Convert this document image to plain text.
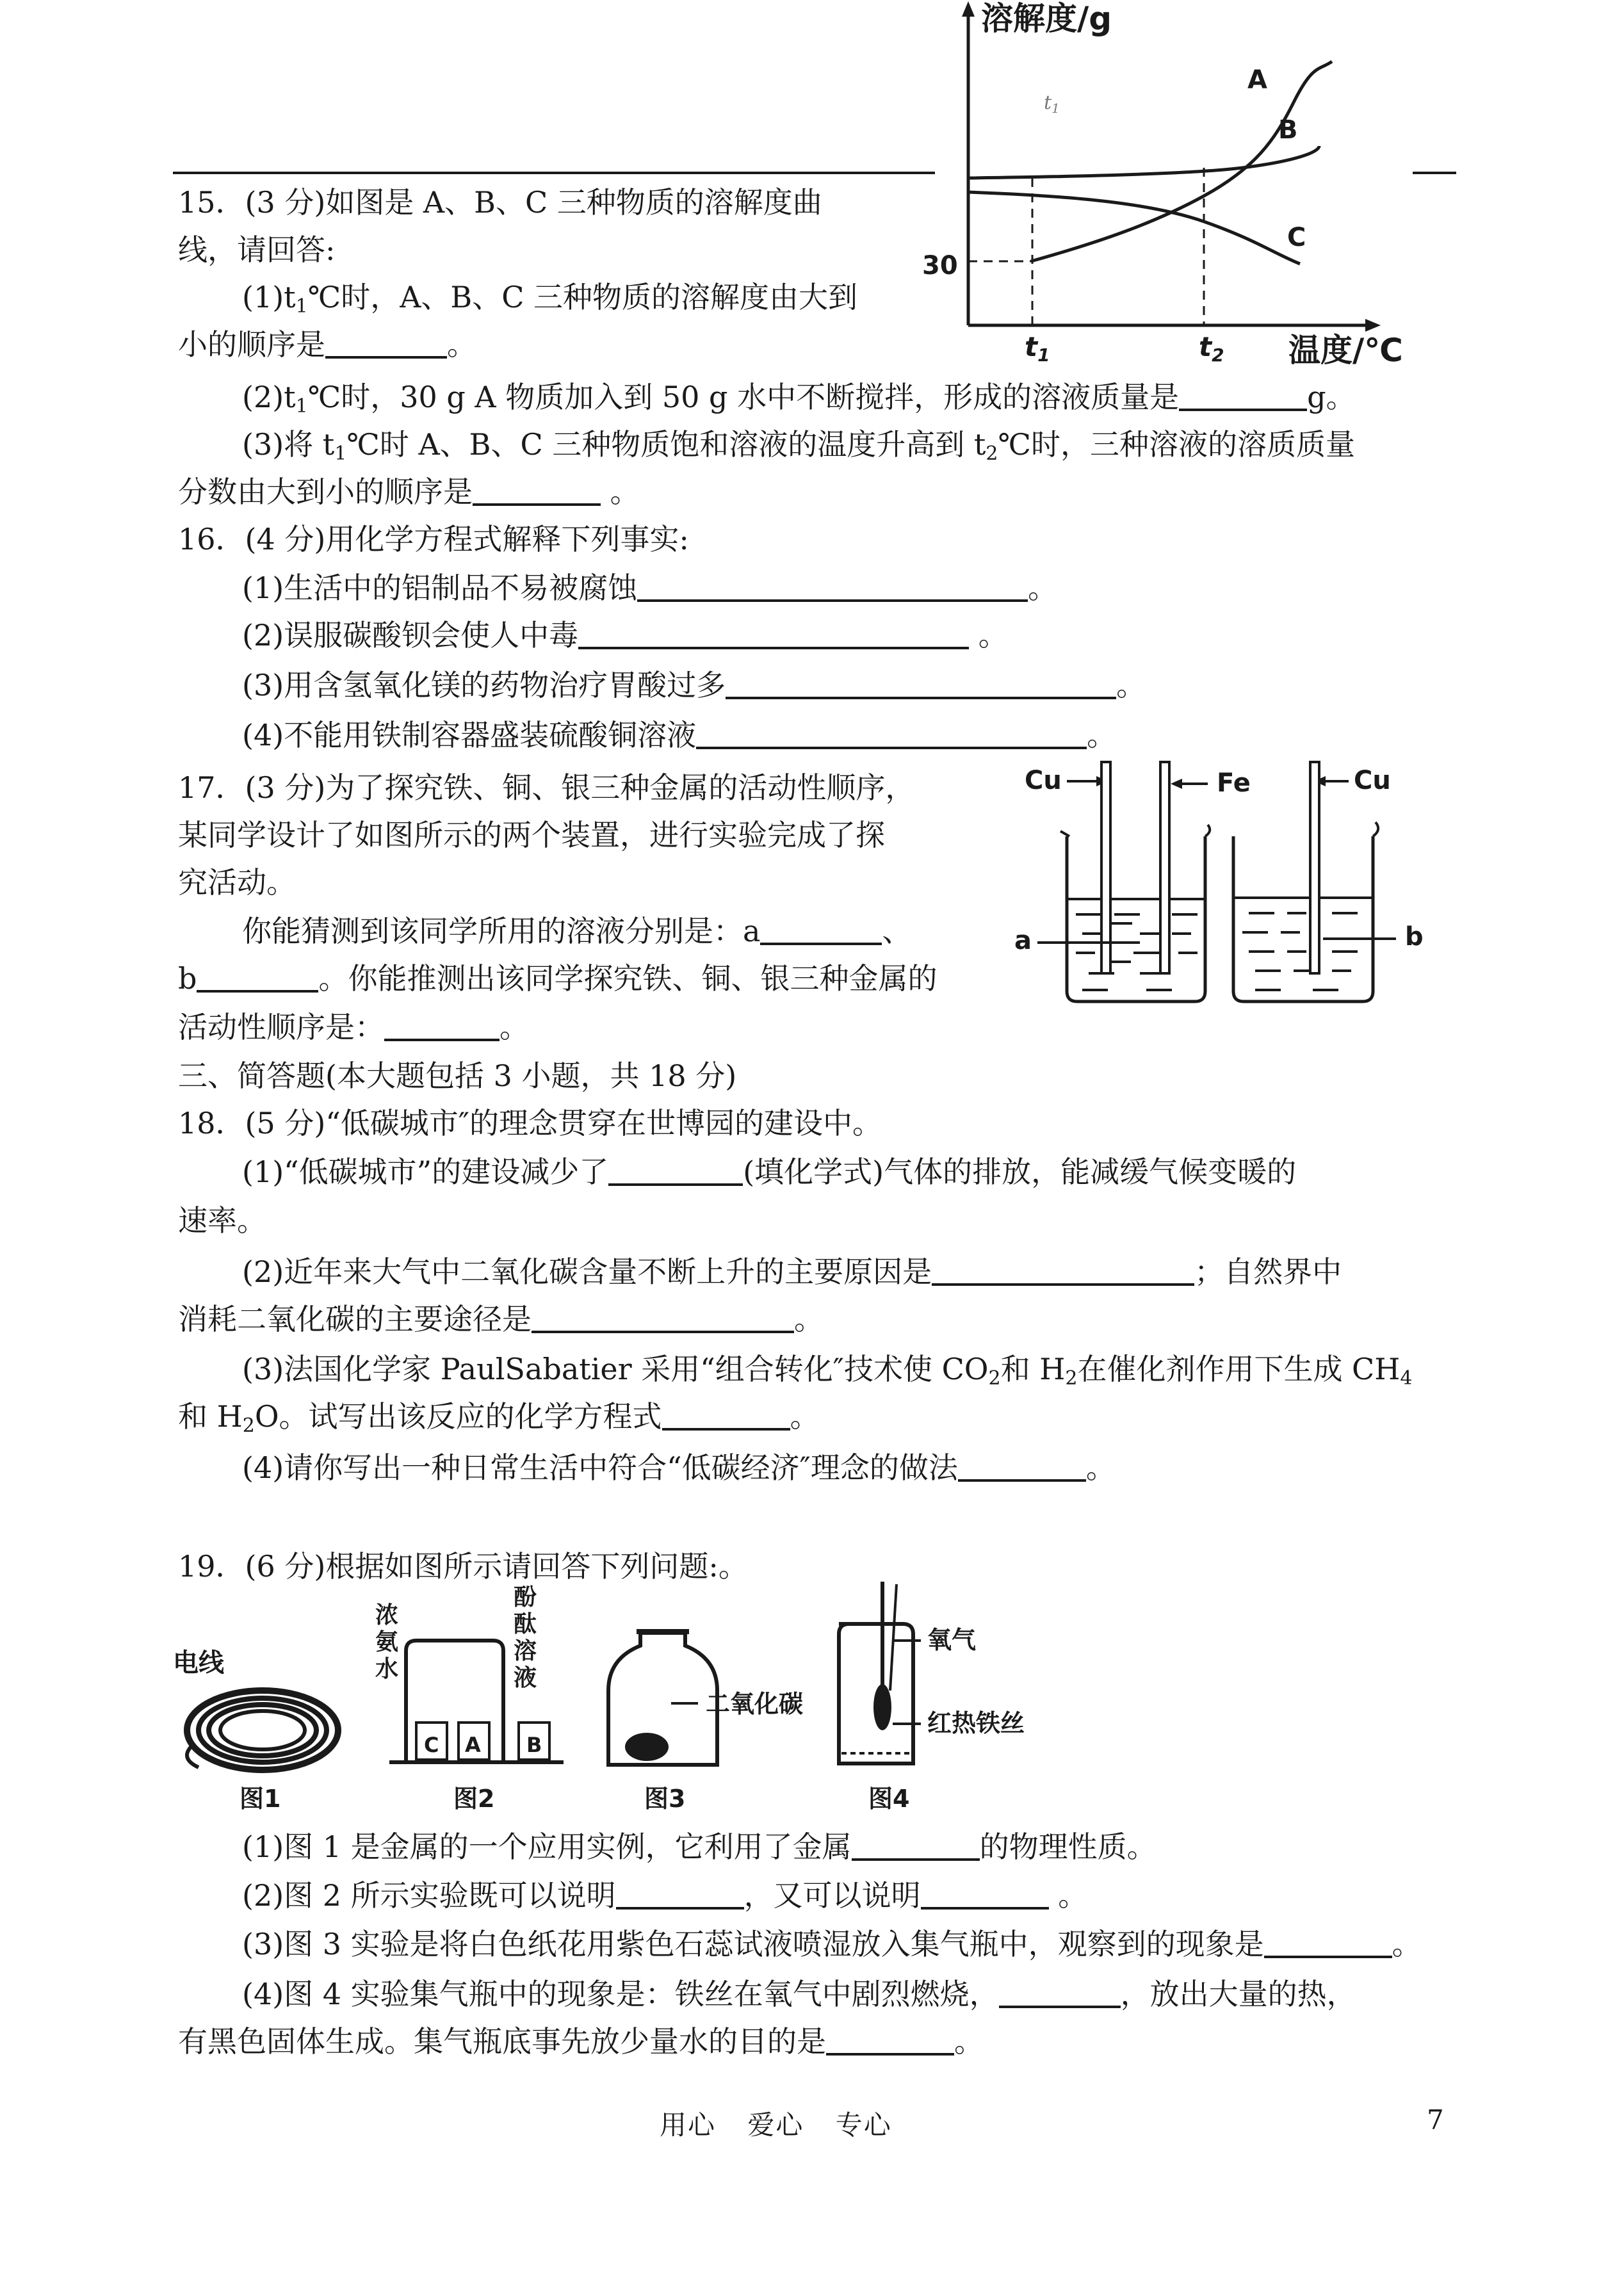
15．(3 分)如图是 A、B、C 三种物质的溶解度曲
线，请回答:
$(1)t_1℃$时，A、B、C 三种物质的溶解度由大到
小的顺序是	。
$(2)t_1℃$时，30 g A 物质加入到 50 g 水中不断搅拌，形成的溶液质量是	g。
(3)将 $t_1℃$时 A、B、C 三种物质饱和溶液的温度升高到 $t_2℃$时，三种溶液的溶质质量
分数由大到小的顺序是	。
溶解度/g
温度/℃
30
t1	t2
$t_1$
A
B
C
16．(4 分)用化学方程式解释下列事实:
(1)生活中的铝制品不易被腐蚀	。
(2)误服碳酸钡会使人中毒	。
(3)用含氢氧化镁的药物治疗胃酸过多	。
(4)不能用铁制容器盛装硫酸铜溶液	。
17．(3 分)为了探究铁、铜、银三种金属的活动性顺序，
某同学设计了如图所示的两个装置，进行实验完成了探
究活动。
你能猜测到该同学所用的溶液分别是：a	、
b	。你能推测出该同学探究铁、铜、银三种金属的
活动性顺序是：	。
Cu	Fe	Cu
a	b
三、简答题(本大题包括 3 小题，共 18 分)
18．(5 分)“低碳城市″的理念贯穿在世博园的建设中。
(1)“低碳城市”的建设减少了	(填化学式)气体的排放，能减缓气候变暖的
速率。
(2)近年来大气中二氧化碳含量不断上升的主要原因是	；自然界中
消耗二氧化碳的主要途径是	。
(3)法国化学家 PaulSabatier 采用“组合转化″技术使 $CO_2$和 $H_2$在催化剂作用下生成 $CH_4$
和 $H_2O$。试写出该反应的化学方程式	。
(4)请你写出一种日常生活中符合“低碳经济″理念的做法	。
19．(6 分)根据如图所示请回答下列问题:。
电线
图1
浓
氨
水
酚
酞
溶
液
C A B
图2
二氧化碳
图3
氧气
红热铁丝
图4
(1)图 1 是金属的一个应用实例，它利用了金属	的物理性质。
(2)图 2 所示实验既可以说明	，又可以说明	。
(3)图 3 实验是将白色纸花用紫色石蕊试液喷湿放入集气瓶中，观察到的现象是	。
(4)图 4 实验集气瓶中的现象是：铁丝在氧气中剧烈燃烧，	，放出大量的热，
有黑色固体生成。集气瓶底事先放少量水的目的是	。
用心 爱心 专心	7
